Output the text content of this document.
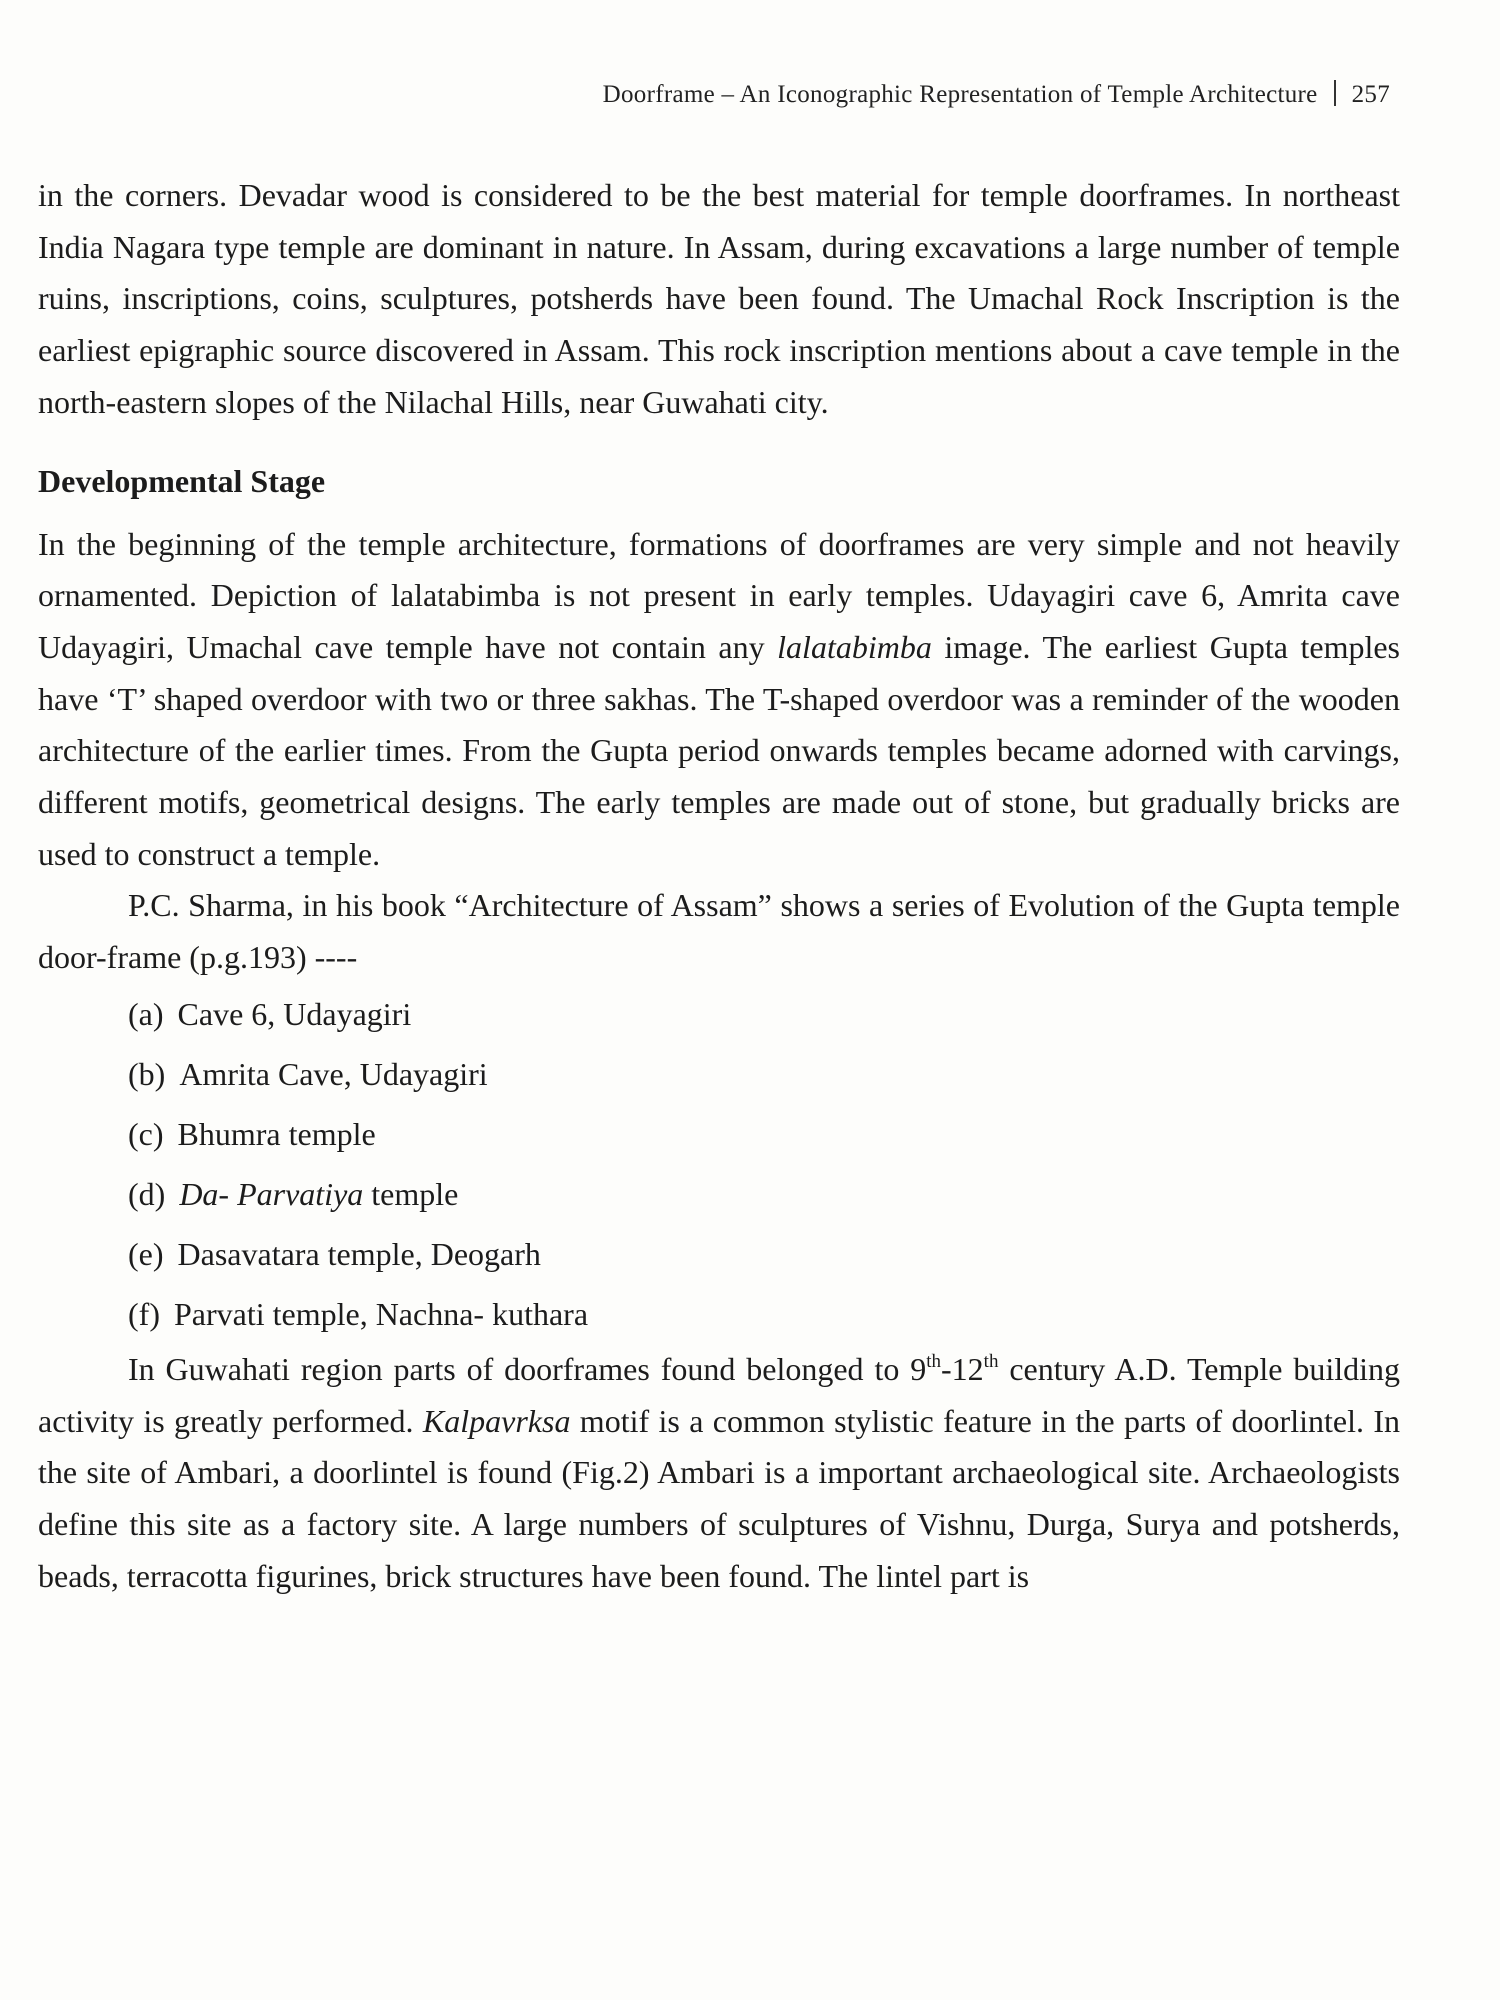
Doorframe – An Iconographic Representation of Temple Architecture 257

in the corners. Devadar wood is considered to be the best material for temple doorframes. In northeast India Nagara type temple are dominant in nature. In Assam, during excavations a large number of temple ruins, inscriptions, coins, sculptures, potsherds have been found. The Umachal Rock Inscription is the earliest epigraphic source discovered in Assam. This rock inscription mentions about a cave temple in the north-eastern slopes of the Nilachal Hills, near Guwahati city.

Developmental Stage

In the beginning of the temple architecture, formations of doorframes are very simple and not heavily ornamented. Depiction of lalatabimba is not present in early temples. Udayagiri cave 6, Amrita cave Udayagiri, Umachal cave temple have not contain any lalatabimba image. The earliest Gupta temples have ‘T’ shaped overdoor with two or three sakhas. The T-shaped overdoor was a reminder of the wooden architecture of the earlier times. From the Gupta period onwards temples became adorned with carvings, different motifs, geometrical designs. The early temples are made out of stone, but gradually bricks are used to construct a temple.

P.C. Sharma, in his book “Architecture of Assam” shows a series of Evolution of the Gupta temple door-frame (p.g.193) ----

(a) Cave 6, Udayagiri
(b) Amrita Cave, Udayagiri
(c) Bhumra temple
(d) Da- Parvatiya temple
(e) Dasavatara temple, Deogarh
(f) Parvati temple, Nachna- kuthara

In Guwahati region parts of doorframes found belonged to 9th-12th century A.D. Temple building activity is greatly performed. Kalpavrksa motif is a common stylistic feature in the parts of doorlintel. In the site of Ambari, a doorlintel is found (Fig.2) Ambari is a important archaeological site. Archaeologists define this site as a factory site. A large numbers of sculptures of Vishnu, Durga, Surya and potsherds, beads, terracotta figurines, brick structures have been found. The lintel part is
